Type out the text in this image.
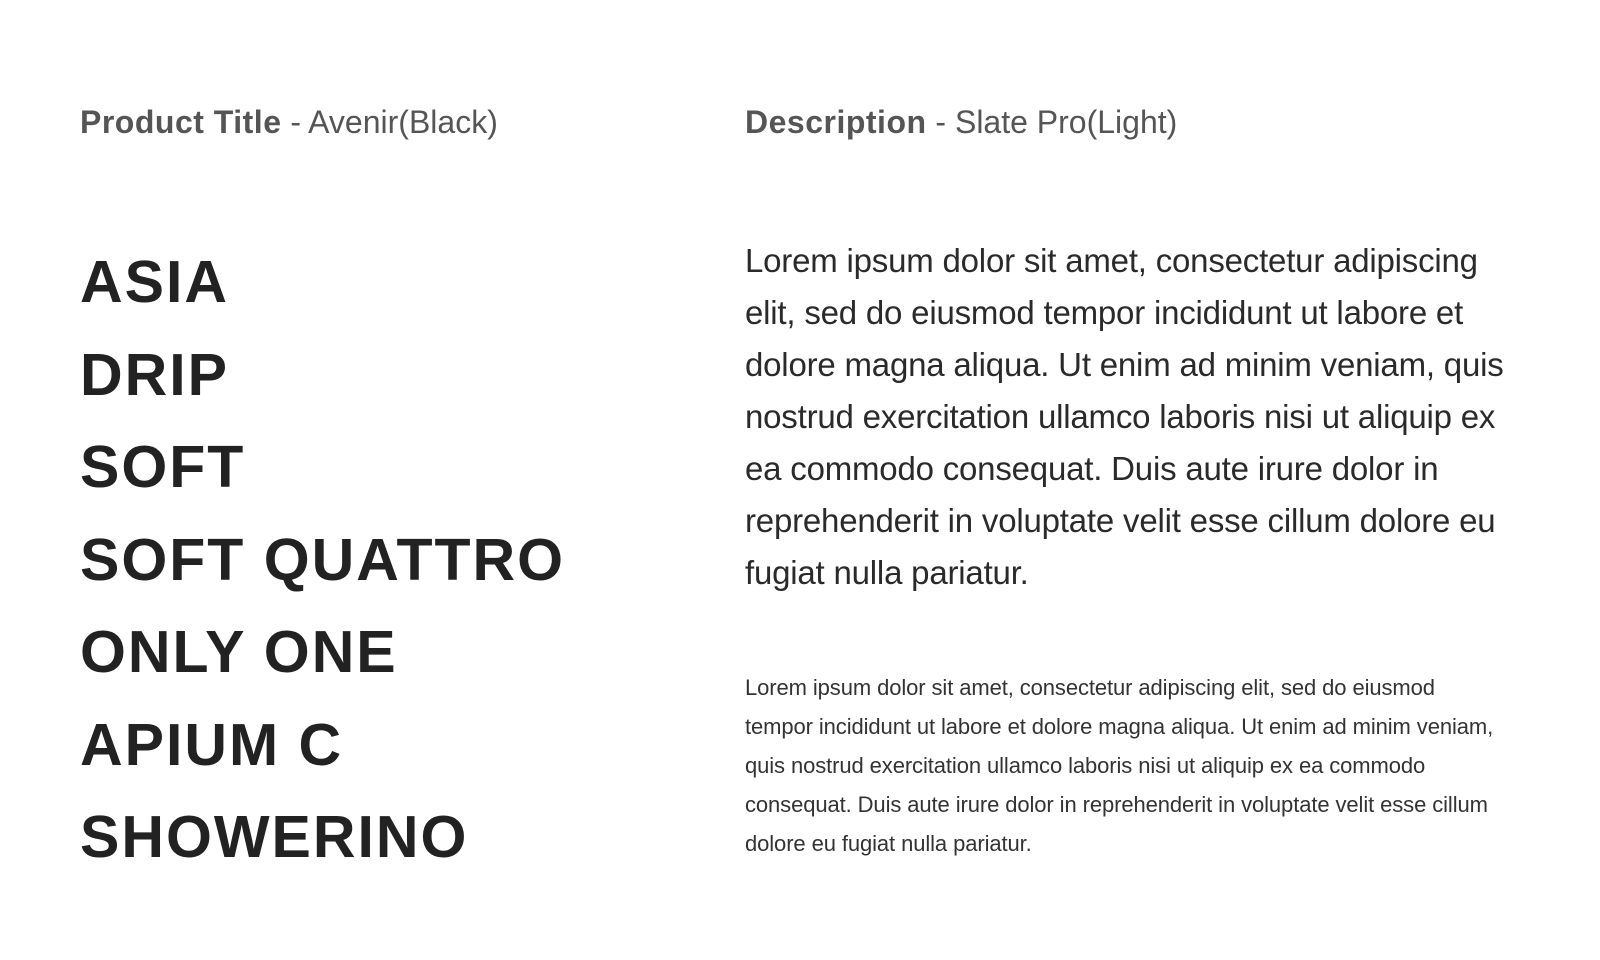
Product Title - Avenir(Black)
ASIA
DRIP
SOFT
SOFT QUATTRO
ONLY ONE
APIUM C
SHOWERINO
Description - Slate Pro(Light)

Lorem ipsum dolor sit amet, consectetur adipiscing elit, sed do eiusmod tempor incididunt ut labore et dolore magna aliqua. Ut enim ad minim veniam, quis nostrud exercitation ullamco laboris nisi ut aliquip ex ea commodo consequat. Duis aute irure dolor in reprehenderit in voluptate velit esse cillum dolore eu fugiat nulla pariatur.

Lorem ipsum dolor sit amet, consectetur adipiscing elit, sed do eiusmod tempor incididunt ut labore et dolore magna aliqua. Ut enim ad minim veniam, quis nostrud exercitation ullamco laboris nisi ut aliquip ex ea commodo consequat. Duis aute irure dolor in reprehenderit in voluptate velit esse cillum dolore eu fugiat nulla pariatur.
